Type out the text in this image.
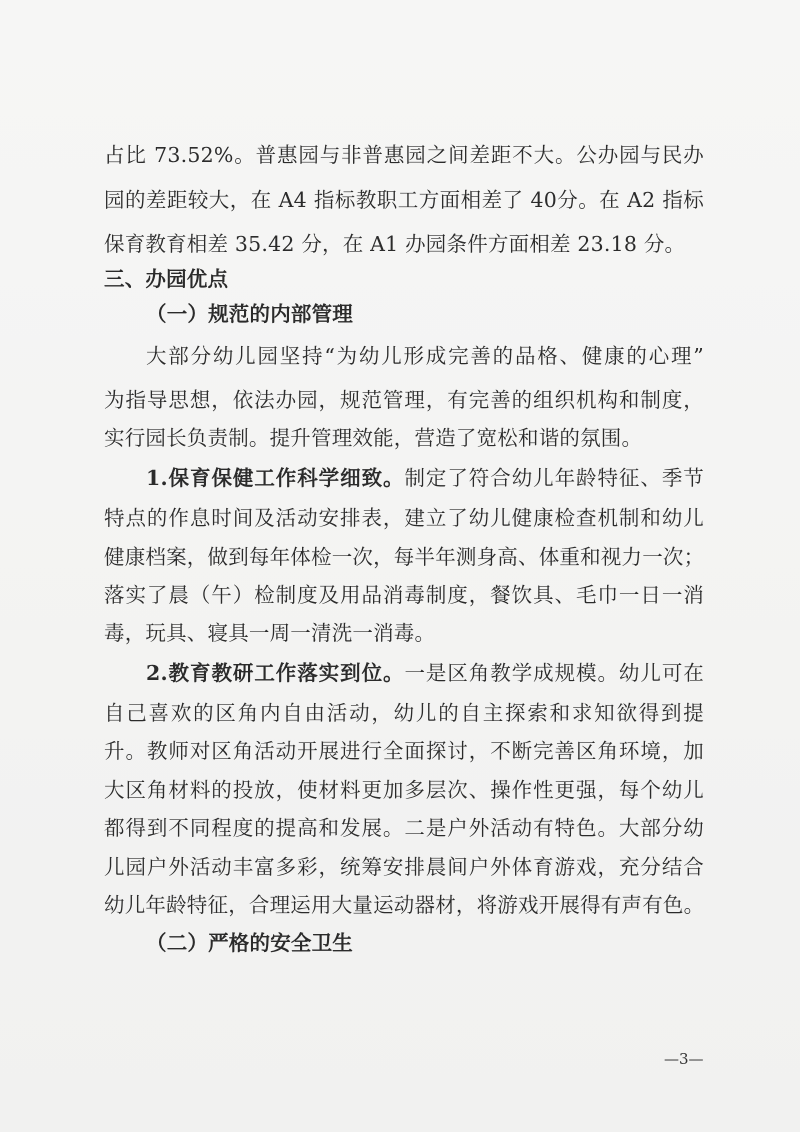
占比 73.52%。普惠园与非普惠园之间差距不大。公办园与民办
园的差距较大，在 A4 指标教职工方面相差了 40分。在 A2 指标
保育教育相差 35.42 分，在 A1 办园条件方面相差 23.18 分。
三、办园优点
（一）规范的内部管理
大部分幼儿园坚持“为幼儿形成完善的品格、健康的心理”
为指导思想，依法办园，规范管理，有完善的组织机构和制度，
实行园长负责制。提升管理效能，营造了宽松和谐的氛围。
1.保育保健工作科学细致。制定了符合幼儿年龄特征、季节
特点的作息时间及活动安排表，建立了幼儿健康检查机制和幼儿
健康档案，做到每年体检一次，每半年测身高、体重和视力一次；
落实了晨（午）检制度及用品消毒制度，餐饮具、毛巾一日一消
毒，玩具、寝具一周一清洗一消毒。
2.教育教研工作落实到位。一是区角教学成规模。幼儿可在
自己喜欢的区角内自由活动，幼儿的自主探索和求知欲得到提
升。教师对区角活动开展进行全面探讨，不断完善区角环境，加
大区角材料的投放，使材料更加多层次、操作性更强，每个幼儿
都得到不同程度的提高和发展。二是户外活动有特色。大部分幼
儿园户外活动丰富多彩，统筹安排晨间户外体育游戏，充分结合
幼儿年龄特征，合理运用大量运动器材，将游戏开展得有声有色。
（二）严格的安全卫生
—3—
